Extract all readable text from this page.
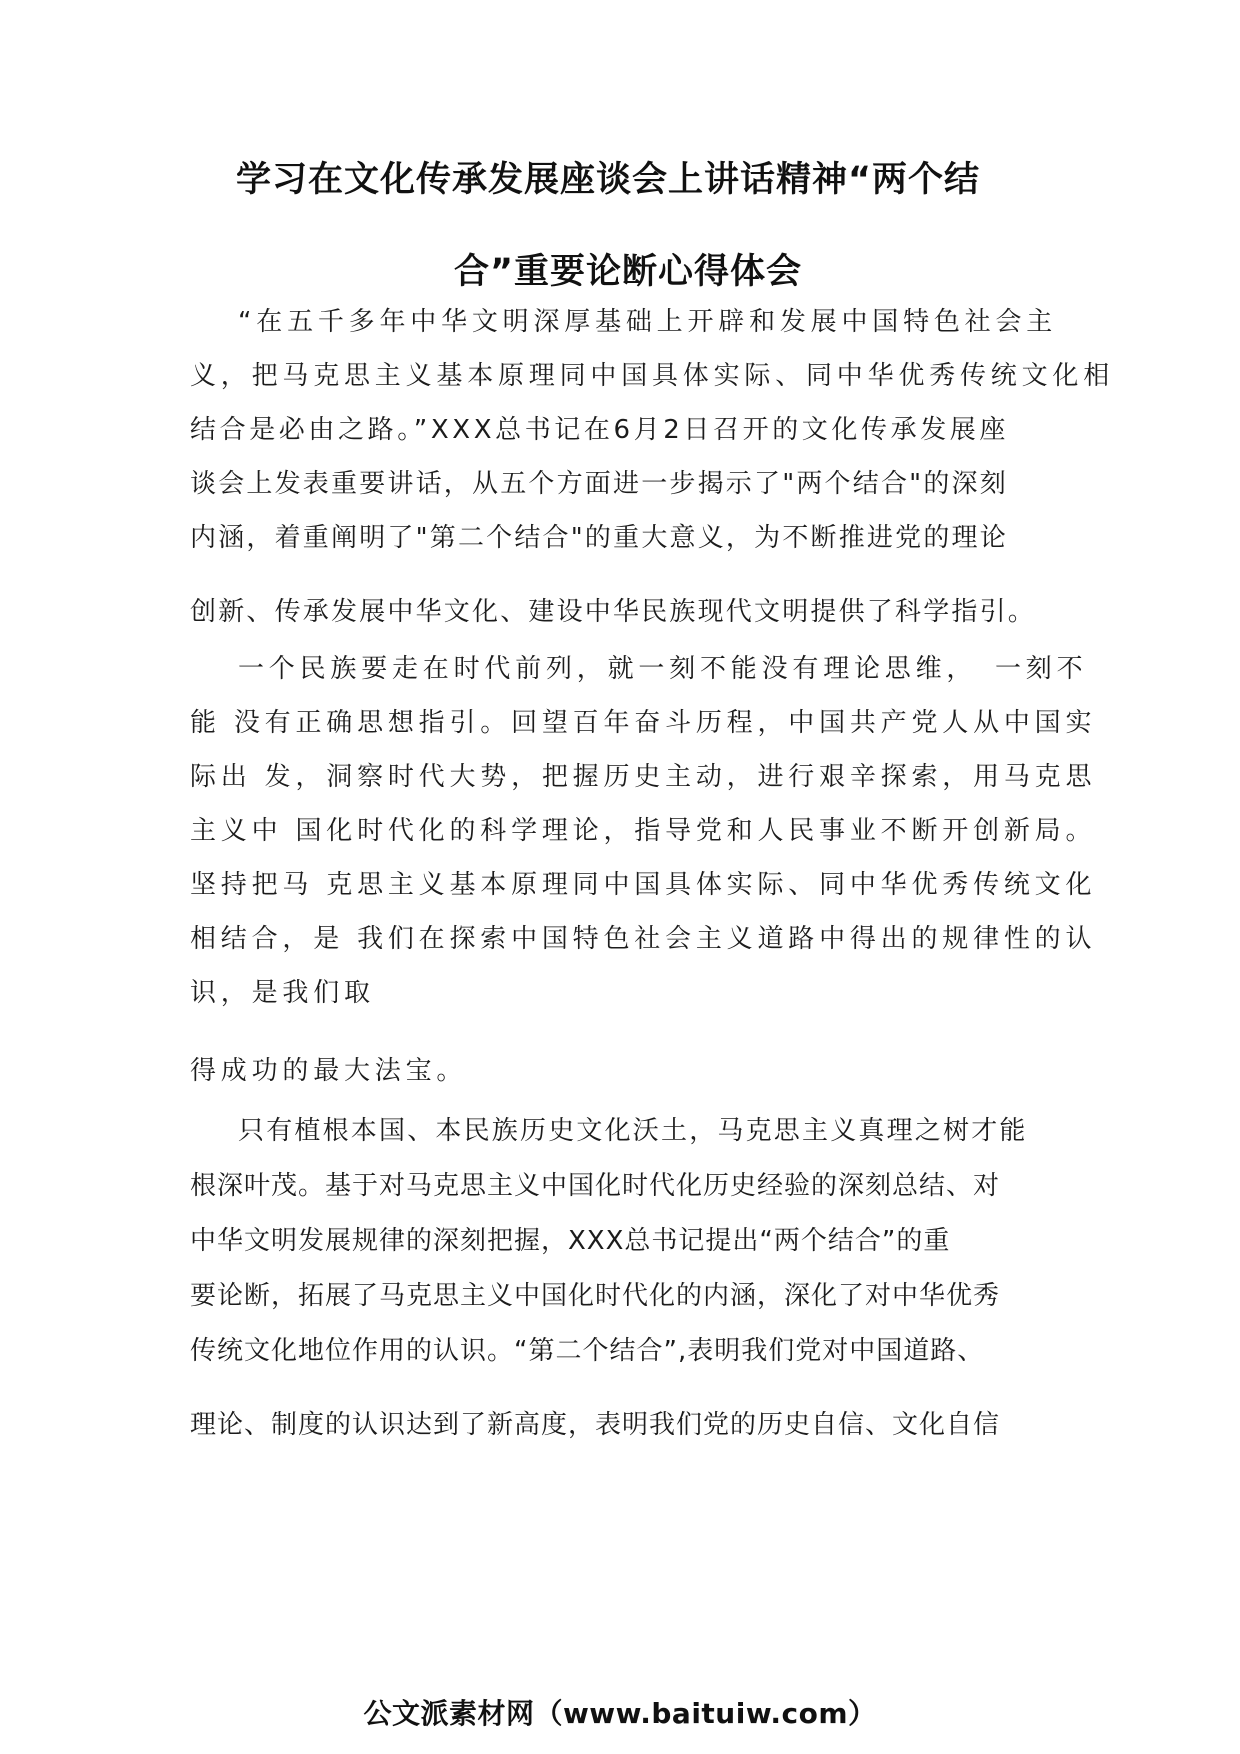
学习在文化传承发展座谈会上讲话精神“两个结
合”重要论断心得体会
“在五千多年中华文明深厚基础上开辟和发展中国特色社会主
义，把马克思主义基本原理同中国具体实际、同中华优秀传统文化相
结合是必由之路。”XXX总书记在6月2日召开的文化传承发展座
谈会上发表重要讲话，从五个方面进一步揭示了"两个结合"的深刻
内涵，着重阐明了"第二个结合"的重大意义，为不断推进党的理论
创新、传承发展中华文化、建设中华民族现代文明提供了科学指引。
一个民族要走在时代前列，就一刻不能没有理论思维，　一刻不
能 没有正确思想指引。回望百年奋斗历程，中国共产党人从中国实
际出 发，洞察时代大势，把握历史主动，进行艰辛探索，用马克思
主义中 国化时代化的科学理论，指导党和人民事业不断开创新局。
坚持把马 克思主义基本原理同中国具体实际、同中华优秀传统文化
相结合，是 我们在探索中国特色社会主义道路中得出的规律性的认
识，是我们取
得成功的最大法宝。
只有植根本国、本民族历史文化沃土，马克思主义真理之树才能
根深叶茂。基于对马克思主义中国化时代化历史经验的深刻总结、对
中华文明发展规律的深刻把握，XXX总书记提出“两个结合”的重
要论断，拓展了马克思主义中国化时代化的内涵，深化了对中华优秀
传统文化地位作用的认识。“第二个结合”,表明我们党对中国道路、
理论、制度的认识达到了新高度，表明我们党的历史自信、文化自信
公文派素材网（www.baituiw.com）
